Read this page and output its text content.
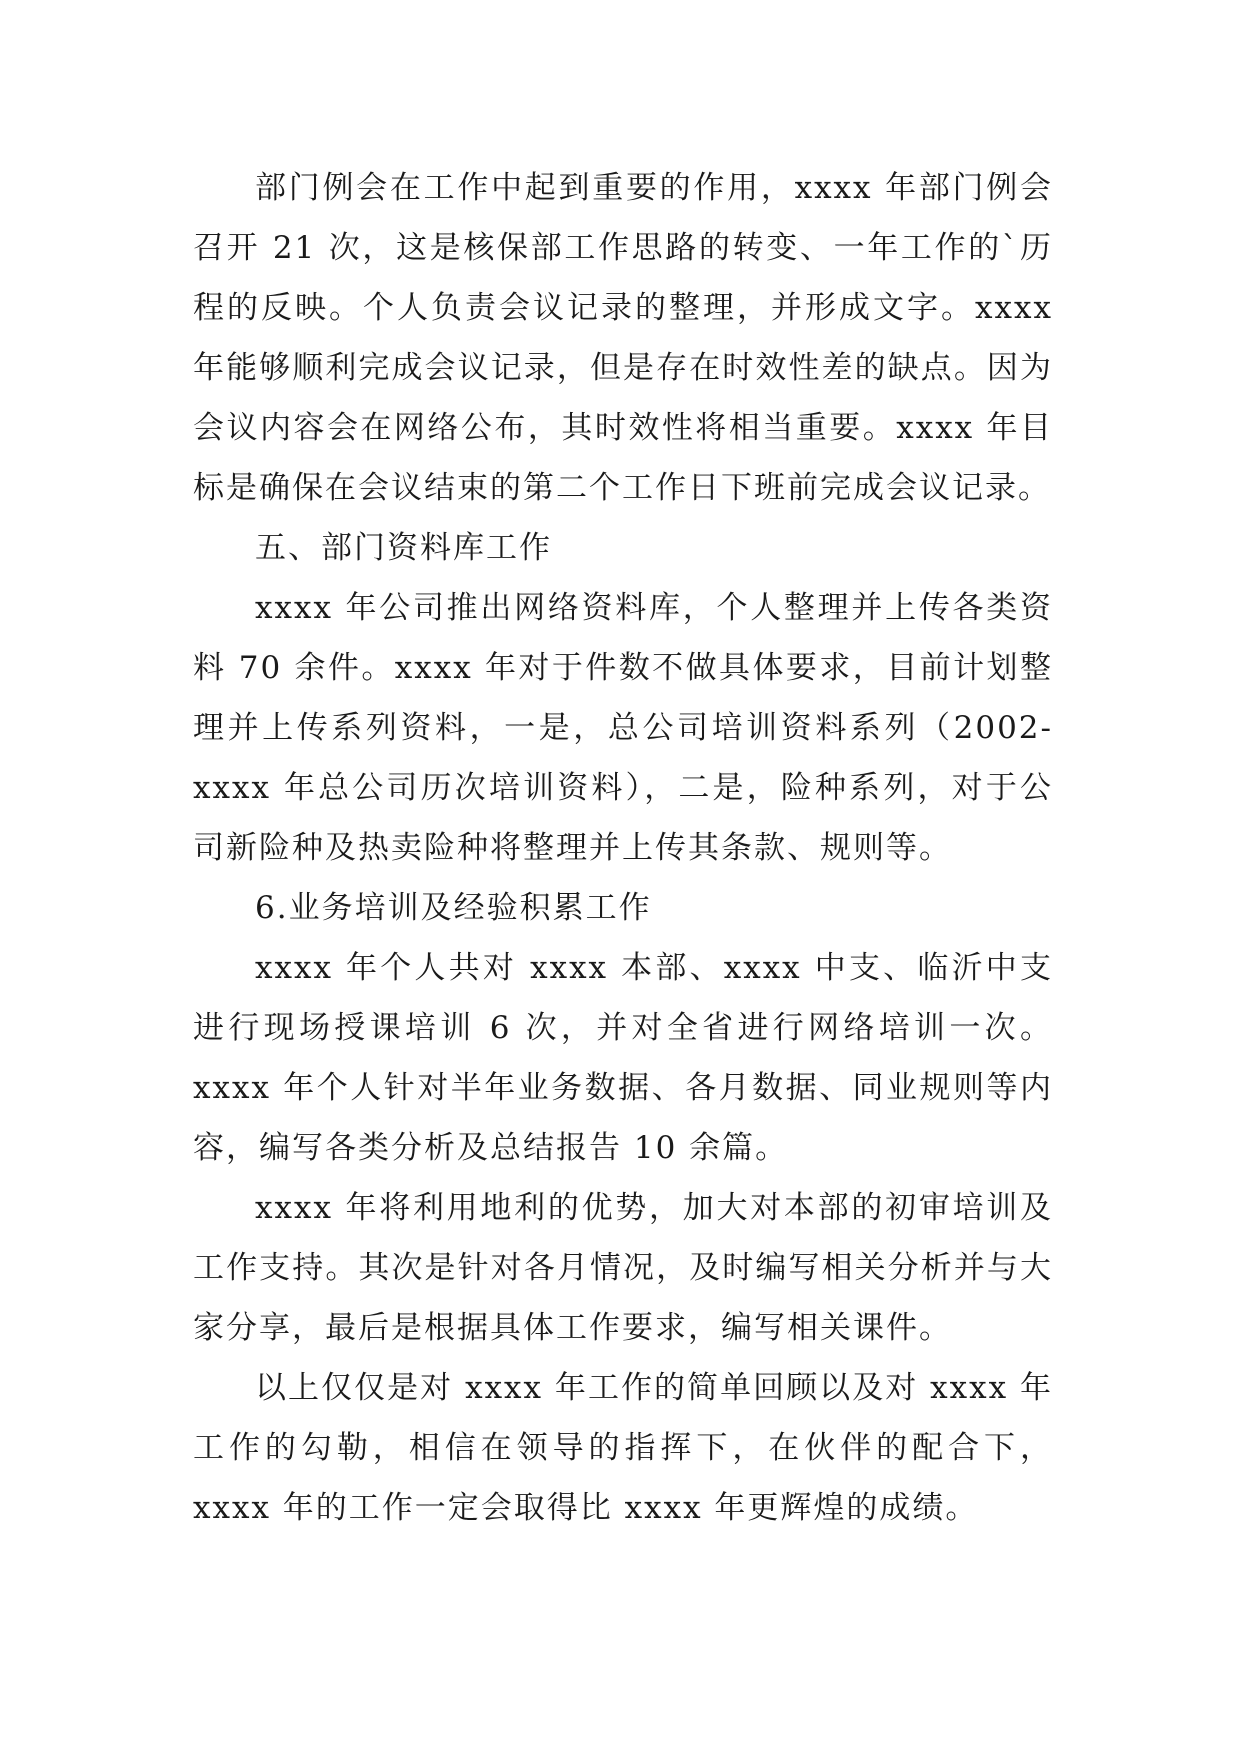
部门例会在工作中起到重要的作用，xxxx 年部门例会召开 21 次，这是核保部工作思路的转变、一年工作的`历程的反映。个人负责会议记录的整理，并形成文字。xxxx 年能够顺利完成会议记录，但是存在时效性差的缺点。因为会议内容会在网络公布，其时效性将相当重要。xxxx 年目标是确保在会议结束的第二个工作日下班前完成会议记录。

五、部门资料库工作

xxxx 年公司推出网络资料库，个人整理并上传各类资料 70 余件。xxxx 年对于件数不做具体要求，目前计划整理并上传系列资料，一是，总公司培训资料系列（2002-xxxx 年总公司历次培训资料），二是，险种系列，对于公司新险种及热卖险种将整理并上传其条款、规则等。

6.业务培训及经验积累工作

xxxx 年个人共对 xxxx 本部、xxxx 中支、临沂中支进行现场授课培训 6 次，并对全省进行网络培训一次。xxxx 年个人针对半年业务数据、各月数据、同业规则等内容，编写各类分析及总结报告 10 余篇。

xxxx 年将利用地利的优势，加大对本部的初审培训及工作支持。其次是针对各月情况，及时编写相关分析并与大家分享，最后是根据具体工作要求，编写相关课件。

以上仅仅是对 xxxx 年工作的简单回顾以及对 xxxx 年工作的勾勒，相信在领导的指挥下，在伙伴的配合下，xxxx 年的工作一定会取得比 xxxx 年更辉煌的成绩。
